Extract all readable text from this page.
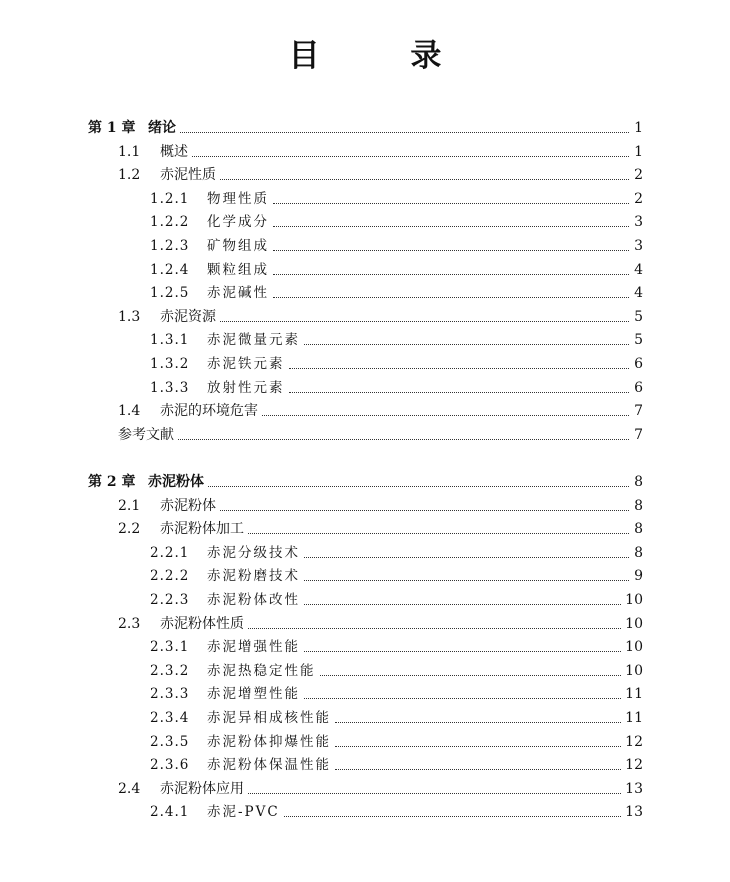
目 录
第 1 章 绪论	1
1.1	概述	1
1.2	赤泥性质	2
1.2.1	物理性质	2
1.2.2	化学成分	3
1.2.3	矿物组成	3
1.2.4	颗粒组成	4
1.2.5	赤泥碱性	4
1.3	赤泥资源	5
1.3.1	赤泥微量元素	5
1.3.2	赤泥铁元素	6
1.3.3	放射性元素	6
1.4	赤泥的环境危害	7
参考文献	7
第 2 章 赤泥粉体	8
2.1	赤泥粉体	8
2.2	赤泥粉体加工	8
2.2.1	赤泥分级技术	8
2.2.2	赤泥粉磨技术	9
2.2.3	赤泥粉体改性	10
2.3	赤泥粉体性质	10
2.3.1	赤泥增强性能	10
2.3.2	赤泥热稳定性能	10
2.3.3	赤泥增塑性能	11
2.3.4	赤泥异相成核性能	11
2.3.5	赤泥粉体抑爆性能	12
2.3.6	赤泥粉体保温性能	12
2.4	赤泥粉体应用	13
2.4.1	赤泥-PVC	13
